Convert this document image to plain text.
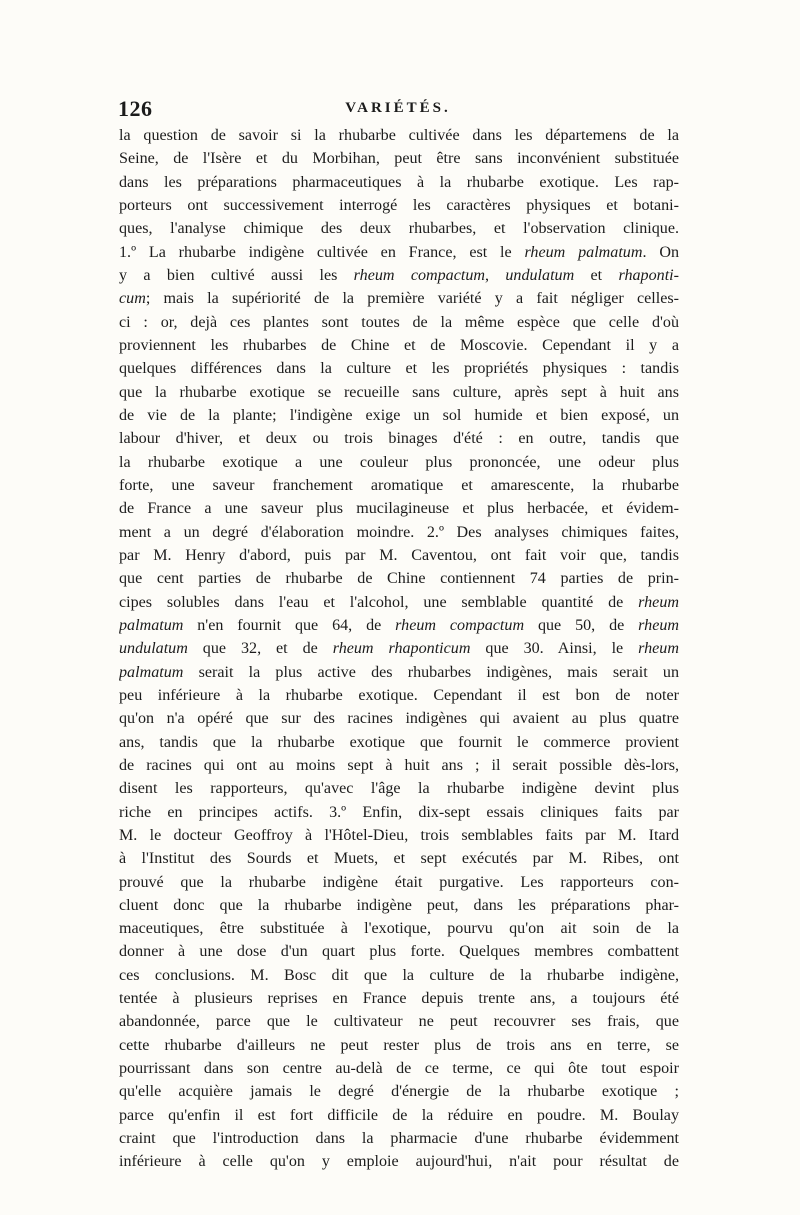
126	VARIÉTÉS.
la question de savoir si la rhubarbe cultivée dans les départemens de la
Seine, de l'Isère et du Morbihan, peut être sans inconvénient substituée
dans les préparations pharmaceutiques à la rhubarbe exotique. Les rap-
porteurs ont successivement interrogé les caractères physiques et botani-
ques, l'analyse chimique des deux rhubarbes, et l'observation clinique.
1.º La rhubarbe indigène cultivée en France, est le rheum palmatum. On
y a bien cultivé aussi les rheum compactum, undulatum et rhaponti-
cum; mais la supériorité de la première variété y a fait négliger celles-
ci : or, dejà ces plantes sont toutes de la même espèce que celle d'où
proviennent les rhubarbes de Chine et de Moscovie. Cependant il y a
quelques différences dans la culture et les propriétés physiques : tandis
que la rhubarbe exotique se recueille sans culture, après sept à huit ans
de vie de la plante; l'indigène exige un sol humide et bien exposé, un
labour d'hiver, et deux ou trois binages d'été : en outre, tandis que
la rhubarbe exotique a une couleur plus prononcée, une odeur plus
forte, une saveur franchement aromatique et amarescente, la rhubarbe
de France a une saveur plus mucilagineuse et plus herbacée, et évidem-
ment a un degré d'élaboration moindre. 2.º Des analyses chimiques faites,
par M. Henry d'abord, puis par M. Caventou, ont fait voir que, tandis
que cent parties de rhubarbe de Chine contiennent 74 parties de prin-
cipes solubles dans l'eau et l'alcohol, une semblable quantité de rheum
palmatum n'en fournit que 64, de rheum compactum que 50, de rheum
undulatum que 32, et de rheum rhaponticum que 30. Ainsi, le rheum
palmatum serait la plus active des rhubarbes indigènes, mais serait un
peu inférieure à la rhubarbe exotique. Cependant il est bon de noter
qu'on n'a opéré que sur des racines indigènes qui avaient au plus quatre
ans, tandis que la rhubarbe exotique que fournit le commerce provient
de racines qui ont au moins sept à huit ans ; il serait possible dès-lors,
disent les rapporteurs, qu'avec l'âge la rhubarbe indigène devint plus
riche en principes actifs. 3.º Enfin, dix-sept essais cliniques faits par
M. le docteur Geoffroy à l'Hôtel-Dieu, trois semblables faits par M. Itard
à l'Institut des Sourds et Muets, et sept exécutés par M. Ribes, ont
prouvé que la rhubarbe indigène était purgative. Les rapporteurs con-
cluent donc que la rhubarbe indigène peut, dans les préparations phar-
maceutiques, être substituée à l'exotique, pourvu qu'on ait soin de la
donner à une dose d'un quart plus forte. Quelques membres combattent
ces conclusions. M. Bosc dit que la culture de la rhubarbe indigène,
tentée à plusieurs reprises en France depuis trente ans, a toujours été
abandonnée, parce que le cultivateur ne peut recouvrer ses frais, que
cette rhubarbe d'ailleurs ne peut rester plus de trois ans en terre, se
pourrissant dans son centre au-delà de ce terme, ce qui ôte tout espoir
qu'elle acquière jamais le degré d'énergie de la rhubarbe exotique ;
parce qu'enfin il est fort difficile de la réduire en poudre. M. Boulay
craint que l'introduction dans la pharmacie d'une rhubarbe évidemment
inférieure à celle qu'on y emploie aujourd'hui, n'ait pour résultat de
